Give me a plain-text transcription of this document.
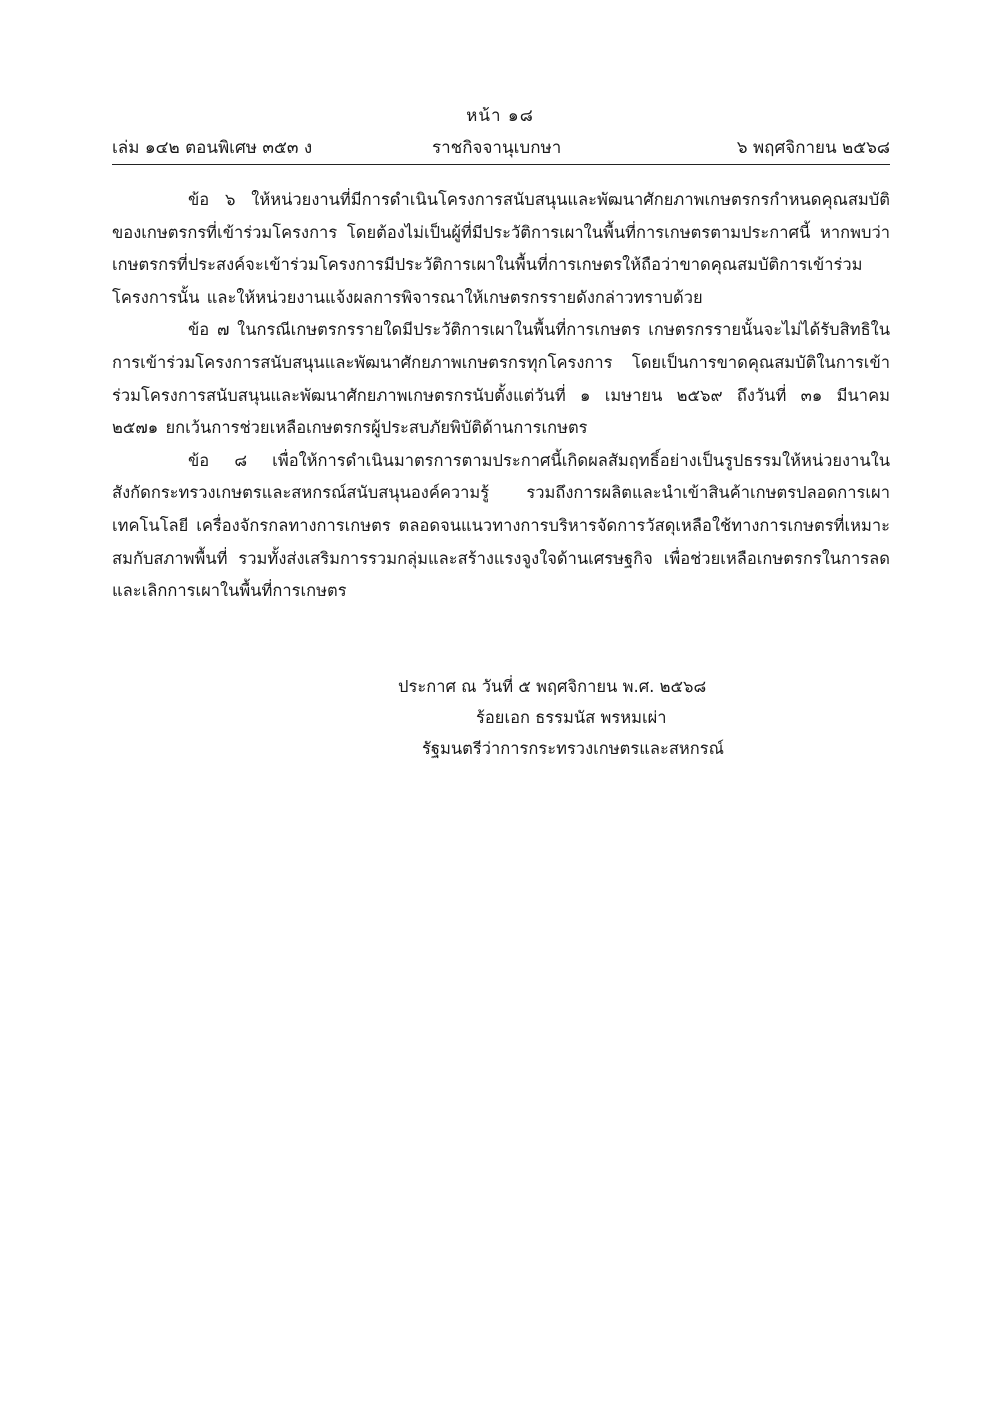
หน้า ๑๘
เล่ม ๑๔๒ ตอนพิเศษ ๓๕๓ ง	ราชกิจจานุเบกษา	๖ พฤศจิกายน ๒๕๖๘

ข้อ ๖ ให้หน่วยงานที่มีการดำเนินโครงการสนับสนุนและพัฒนาศักยภาพเกษตรกรกำหนดคุณสมบัติของเกษตรกรที่เข้าร่วมโครงการ โดยต้องไม่เป็นผู้ที่มีประวัติการเผาในพื้นที่การเกษตรตามประกาศนี้ หากพบว่าเกษตรกรที่ประสงค์จะเข้าร่วมโครงการมีประวัติการเผาในพื้นที่การเกษตรให้ถือว่าขาดคุณสมบัติการเข้าร่วมโครงการนั้น และให้หน่วยงานแจ้งผลการพิจารณาให้เกษตรกรรายดังกล่าวทราบด้วย

ข้อ ๗ ในกรณีเกษตรกรรายใดมีประวัติการเผาในพื้นที่การเกษตร เกษตรกรรายนั้นจะไม่ได้รับสิทธิในการเข้าร่วมโครงการสนับสนุนและพัฒนาศักยภาพเกษตรกรทุกโครงการ โดยเป็นการขาดคุณสมบัติในการเข้าร่วมโครงการสนับสนุนและพัฒนาศักยภาพเกษตรกรนับตั้งแต่วันที่ ๑ เมษายน ๒๕๖๙ ถึงวันที่ ๓๑ มีนาคม ๒๕๗๑ ยกเว้นการช่วยเหลือเกษตรกรผู้ประสบภัยพิบัติด้านการเกษตร

ข้อ ๘ เพื่อให้การดำเนินมาตรการตามประกาศนี้เกิดผลสัมฤทธิ์อย่างเป็นรูปธรรมให้หน่วยงานในสังกัดกระทรวงเกษตรและสหกรณ์สนับสนุนองค์ความรู้ รวมถึงการผลิตและนำเข้าสินค้าเกษตรปลอดการเผา เทคโนโลยี เครื่องจักรกลทางการเกษตร ตลอดจนแนวทางการบริหารจัดการวัสดุเหลือใช้ทางการเกษตรที่เหมาะสมกับสภาพพื้นที่ รวมทั้งส่งเสริมการรวมกลุ่มและสร้างแรงจูงใจด้านเศรษฐกิจ เพื่อช่วยเหลือเกษตรกรในการลดและเลิกการเผาในพื้นที่การเกษตร

ประกาศ ณ วันที่ ๕ พฤศจิกายน พ.ศ. ๒๕๖๘
ร้อยเอก ธรรมนัส พรหมเผ่า
รัฐมนตรีว่าการกระทรวงเกษตรและสหกรณ์
